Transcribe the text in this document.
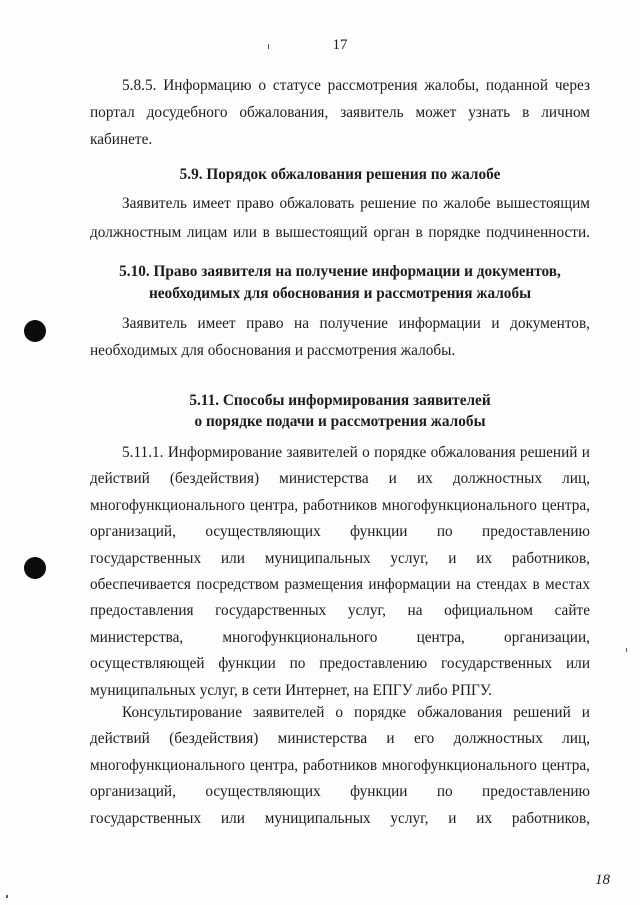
17
5.8.5. Информацию о статусе рассмотрения жалобы, поданной через
портал досудебного обжалования, заявитель может узнать в личном
кабинете.
5.9. Порядок обжалования решения по жалобе
Заявитель имеет право обжаловать решение по жалобе вышестоящим
должностным лицам или в вышестоящий орган в порядке подчиненности.
5.10. Право заявителя на получение информации и документов,
необходимых для обоснования и рассмотрения жалобы
Заявитель имеет право на получение информации и документов,
необходимых для обоснования и рассмотрения жалобы.
5.11. Способы информирования заявителей
о порядке подачи и рассмотрения жалобы
5.11.1. Информирование заявителей о порядке обжалования решений и
действий (бездействия) министерства и их должностных лиц,
многофункционального центра, работников многофункционального центра,
организаций, осуществляющих функции по предоставлению
государственных или муниципальных услуг, и их работников,
обеспечивается посредством размещения информации на стендах в местах
предоставления государственных услуг, на официальном сайте
министерства, многофункционального центра, организации,
осуществляющей функции по предоставлению государственных или
муниципальных услуг, в сети Интернет, на ЕПГУ либо РПГУ.
Консультирование заявителей о порядке обжалования решений и
действий (бездействия) министерства и его должностных лиц,
многофункционального центра, работников многофункционального центра,
организаций, осуществляющих функции по предоставлению
государственных или муниципальных услуг, и их работников,
18
